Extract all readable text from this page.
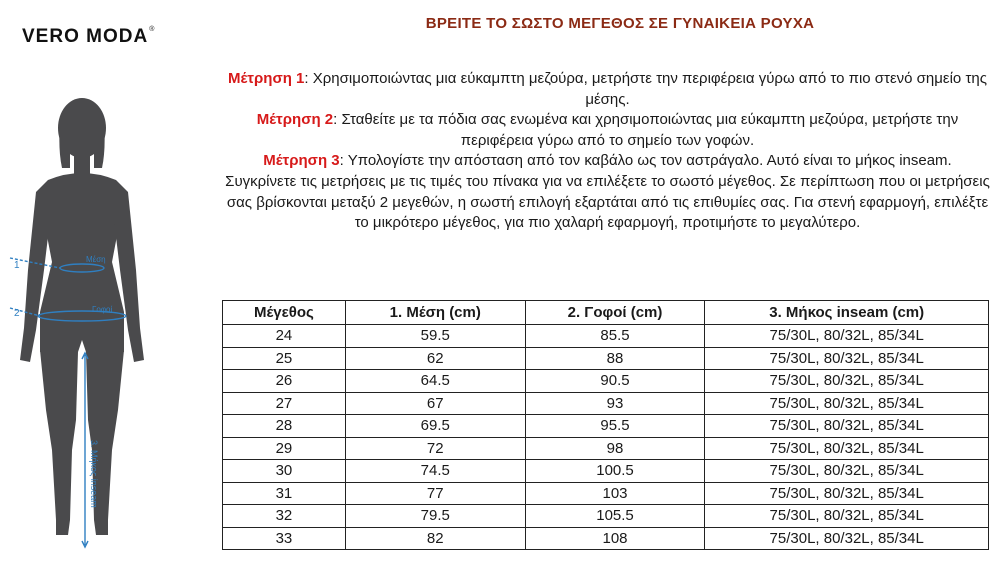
VERO MODA®	ΒΡΕΙΤΕ ΤΟ ΣΩΣΤΟ ΜΕΓΕΘΟΣ ΣΕ ΓΥΝΑΙΚΕΙΑ ΡΟΥΧΑ

Μέτρηση 1: Χρησιμοποιώντας μια εύκαμπτη μεζούρα, μετρήστε την περιφέρεια γύρω από το πιο στενό σημείο της μέσης.

Μέτρηση 2: Σταθείτε με τα πόδια σας ενωμένα και χρησιμοποιώντας μια εύκαμπτη μεζούρα, μετρήστε την περιφέρεια γύρω από το σημείο των γοφών.

Μέτρηση 3: Υπολογίστε την απόσταση από τον καβάλο ως τον αστράγαλο. Αυτό είναι το μήκος inseam.

Συγκρίνετε τις μετρήσεις με τις τιμές του πίνακα για να επιλέξετε το σωστό μέγεθος. Σε περίπτωση που οι μετρήσεις σας βρίσκονται μεταξύ 2 μεγεθών, η σωστή επιλογή εξαρτάται από τις επιθυμίες σας. Για στενή εφαρμογή, επιλέξτε το μικρότερο μέγεθος, για πιο χαλαρή εφαρμογή, προτιμήστε το μεγαλύτερο.

1
Μέση
2	Γοφοί
3. Μήκος inseam
Μέγεθος	1. Μέση (cm)	2. Γοφοί (cm)	3. Μήκος inseam (cm)
24	59.5	85.5	75/30L, 80/32L, 85/34L
25	62	88	75/30L, 80/32L, 85/34L
26	64.5	90.5	75/30L, 80/32L, 85/34L
27	67	93	75/30L, 80/32L, 85/34L
28	69.5	95.5	75/30L, 80/32L, 85/34L
29	72	98	75/30L, 80/32L, 85/34L
30	74.5	100.5	75/30L, 80/32L, 85/34L
31	77	103	75/30L, 80/32L, 85/34L
32	79.5	105.5	75/30L, 80/32L, 85/34L
33	82	108	75/30L, 80/32L, 85/34L
